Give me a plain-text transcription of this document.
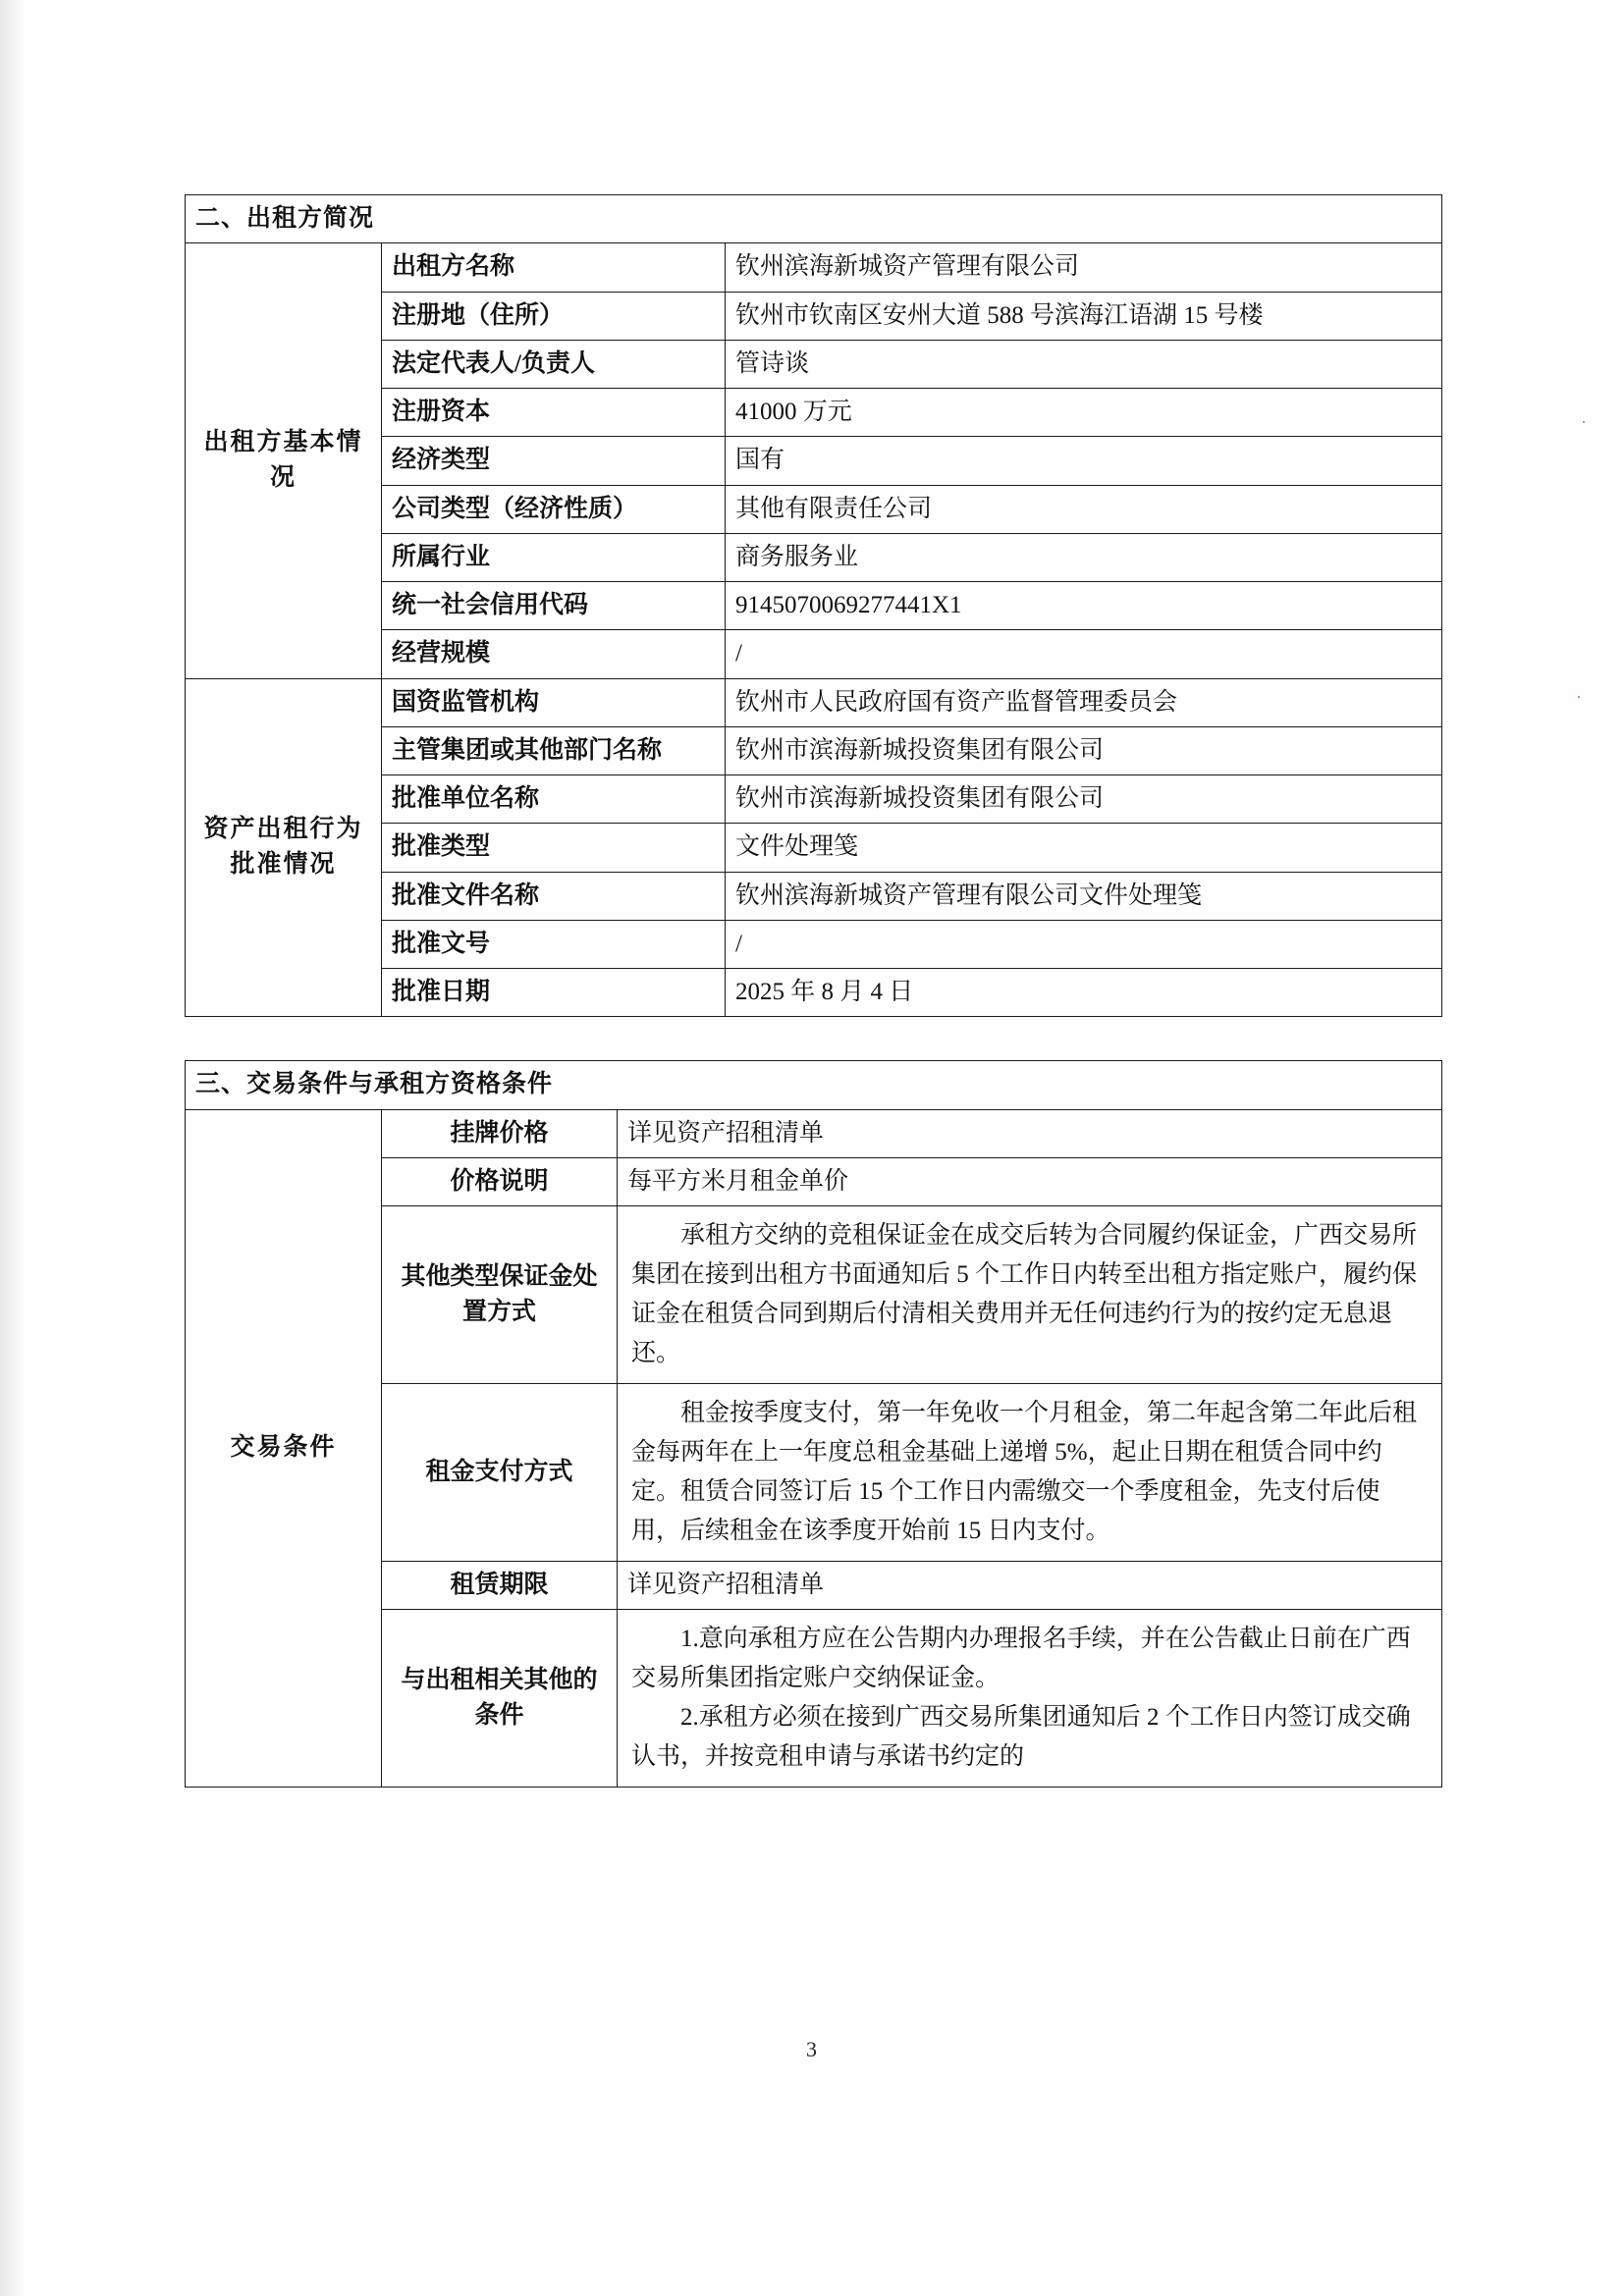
·
·
二、出租方简况		
出租方基本情况	出租方名称	钦州滨海新城资产管理有限公司
	注册地（住所）	钦州市钦南区安州大道 588 号滨海江语湖 15 号楼
	法定代表人/负责人	管诗谈
	注册资本	41000 万元
	经济类型	国有
	公司类型（经济性质）	其他有限责任公司
	所属行业	商务服务业
	统一社会信用代码	9145070069277441X1
	经营规模	/
资产出租行为批准情况	国资监管机构	钦州市人民政府国有资产监督管理委员会
	主管集团或其他部门名称	钦州市滨海新城投资集团有限公司
	批准单位名称	钦州市滨海新城投资集团有限公司
	批准类型	文件处理笺
	批准文件名称	钦州滨海新城资产管理有限公司文件处理笺
	批准文号	/
	批准日期	2025 年 8 月 4 日
三、交易条件与承租方资格条件		
交易条件	挂牌价格	详见资产招租清单
	价格说明	每平方米月租金单价
	其他类型保证金处置方式	承租方交纳的竞租保证金在成交后转为合同履约保证金，广西交易所集团在接到出租方书面通知后 5 个工作日内转至出租方指定账户，履约保证金在租赁合同到期后付清相关费用并无任何违约行为的按约定无息退还。
	租金支付方式	租金按季度支付，第一年免收一个月租金，第二年起含第二年此后租金每两年在上一年度总租金基础上递增 5%，起止日期在租赁合同中约定。租赁合同签订后 15 个工作日内需缴交一个季度租金，先支付后使用，后续租金在该季度开始前 15 日内支付。
	租赁期限	详见资产招租清单
	与出租相关其他的条件	1.意向承租方应在公告期内办理报名手续，并在公告截止日前在广西交易所集团指定账户交纳保证金。
2.承租方必须在接到广西交易所集团通知后 2 个工作日内签订成交确认书，并按竞租申请与承诺书约定的
3
